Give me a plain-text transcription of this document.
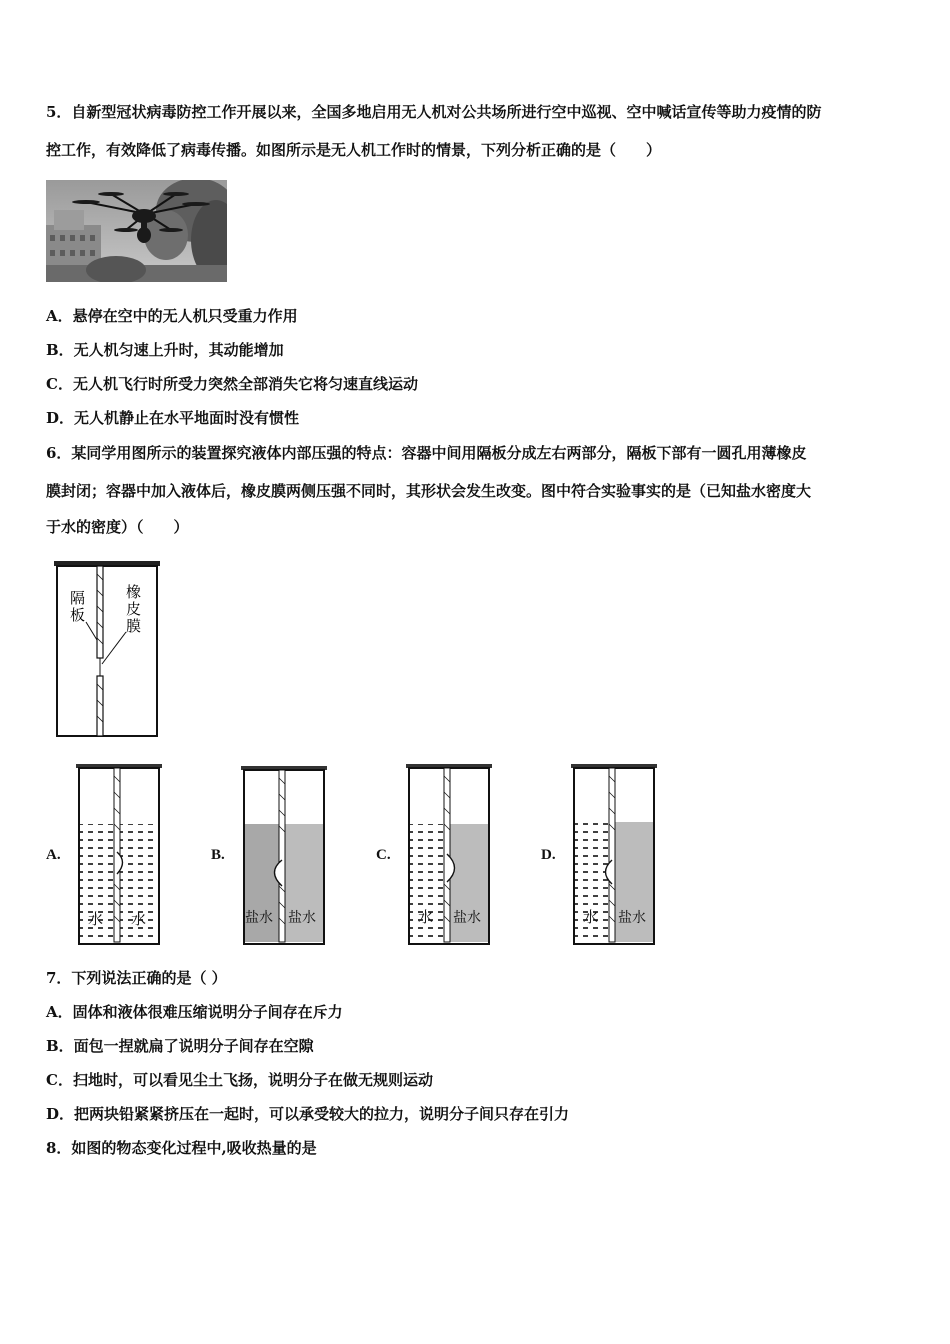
5．自新型冠状病毒防控工作开展以来，全国多地启用无人机对公共场所进行空中巡视、空中喊话宣传等助力疫情的防
控工作，有效降低了病毒传播。如图所示是无人机工作时的情景，下列分析正确的是（　　）
A．悬停在空中的无人机只受重力作用
B．无人机匀速上升时，其动能增加
C．无人机飞行时所受力突然全部消失它将匀速直线运动
D．无人机静止在水平地面时没有惯性
6．某同学用图所示的装置探究液体内部压强的特点：容器中间用隔板分成左右两部分，隔板下部有一圆孔用薄橡皮
膜封闭；容器中加入液体后，橡皮膜两侧压强不同时，其形状会发生改变。图中符合实验事实的是（已知盐水密度大
于水的密度）（　　）
隔
板
橡
皮
膜
A.
水 水
B.
盐水 盐水
C.
水 盐水
D.
水 盐水
7．下列说法正确的是（ ）
A．固体和液体很难压缩说明分子间存在斥力
B．面包一捏就扁了说明分子间存在空隙
C．扫地时，可以看见尘土飞扬，说明分子在做无规则运动
D．把两块铅紧紧挤压在一起时，可以承受较大的拉力，说明分子间只存在引力
8．如图的物态变化过程中,吸收热量的是
